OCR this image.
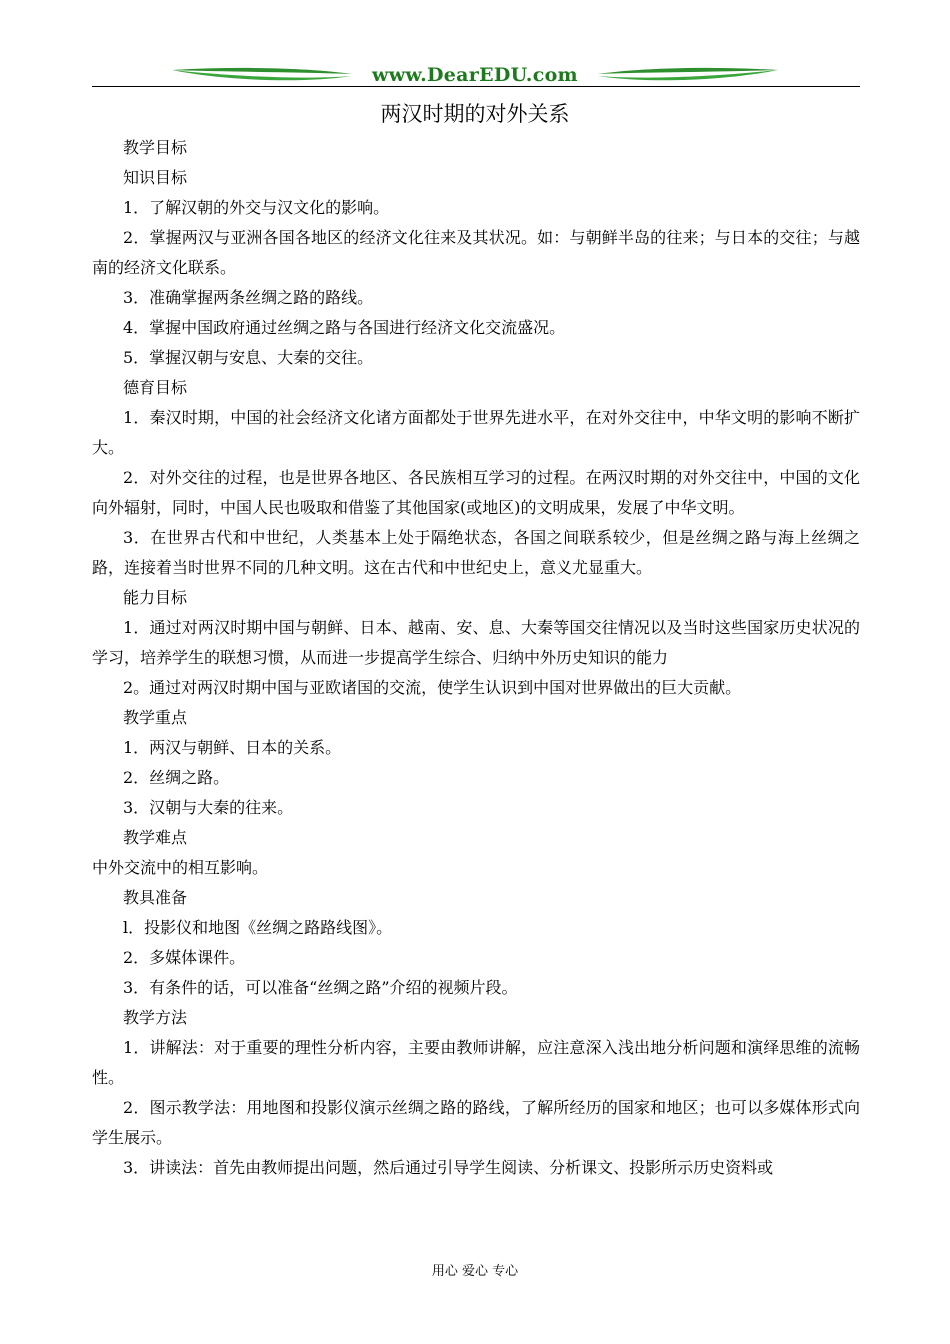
www.DearEDU.com
两汉时期的对外关系

教学目标

知识目标

1．了解汉朝的外交与汉文化的影响。

2．掌握两汉与亚洲各国各地区的经济文化往来及其状况。如：与朝鲜半岛的往来；与日本的交往；与越南的经济文化联系。

3．准确掌握两条丝绸之路的路线。

4．掌握中国政府通过丝绸之路与各国进行经济文化交流盛况。

5．掌握汉朝与安息、大秦的交往。

德育目标

1．秦汉时期，中国的社会经济文化诸方面都处于世界先进水平，在对外交往中，中华文明的影响不断扩大。

2．对外交往的过程，也是世界各地区、各民族相互学习的过程。在两汉时期的对外交往中，中国的文化向外辐射，同时，中国人民也吸取和借鉴了其他国家(或地区)的文明成果，发展了中华文明。

3．在世界古代和中世纪，人类基本上处于隔绝状态，各国之间联系较少，但是丝绸之路与海上丝绸之路，连接着当时世界不同的几种文明。这在古代和中世纪史上，意义尤显重大。

能力目标

1．通过对两汉时期中国与朝鲜、日本、越南、安、息、大秦等国交往情况以及当时这些国家历史状况的学习，培养学生的联想习惯，从而进一步提高学生综合、归纳中外历史知识的能力

2。通过对两汉时期中国与亚欧诸国的交流，使学生认识到中国对世界做出的巨大贡献。

教学重点

1．两汉与朝鲜、日本的关系。

2．丝绸之路。

3．汉朝与大秦的往来。

教学难点

中外交流中的相互影响。

教具准备

l．投影仪和地图《丝绸之路路线图》。

2．多媒体课件。

3．有条件的话，可以准备“丝绸之路”介绍的视频片段。

教学方法

1．讲解法：对于重要的理性分析内容，主要由教师讲解，应注意深入浅出地分析问题和演绎思维的流畅性。

2．图示教学法：用地图和投影仪演示丝绸之路的路线，了解所经历的国家和地区；也可以多媒体形式向学生展示。

3．讲读法：首先由教师提出问题，然后通过引导学生阅读、分析课文、投影所示历史资料或

用心 爱心 专心
